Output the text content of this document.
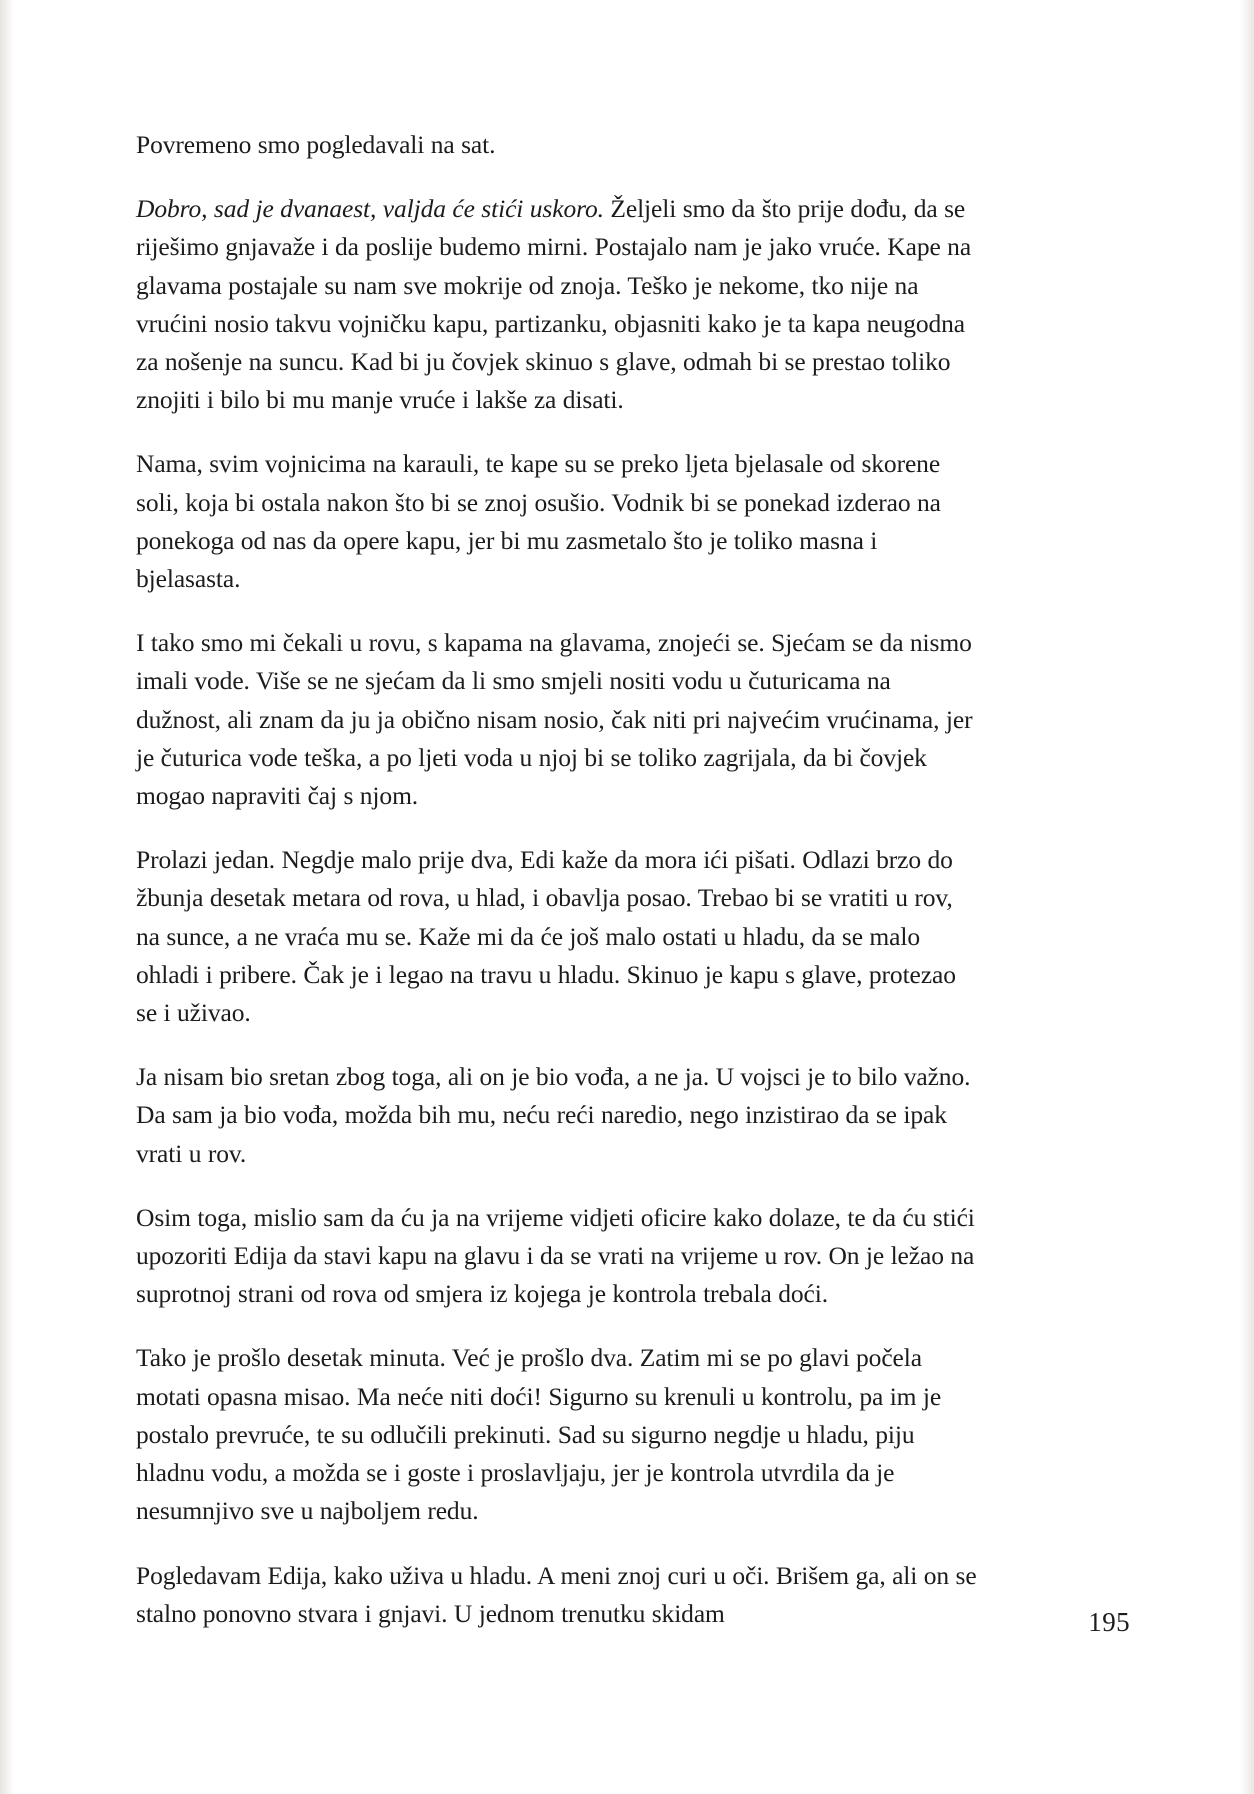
Povremeno smo pogledavali na sat.

Dobro, sad je dvanaest, valjda će stići uskoro. Željeli smo da što prije dođu, da se riješimo gnjavaže i da poslije budemo mirni. Postajalo nam je jako vruće. Kape na glavama postajale su nam sve mokrije od znoja. Teško je nekome, tko nije na vrućini nosio takvu vojničku kapu, partizanku, objasniti kako je ta kapa neugodna za nošenje na suncu. Kad bi ju čovjek skinuo s glave, odmah bi se prestao toliko znojiti i bilo bi mu manje vruće i lakše za disati.

Nama, svim vojnicima na karauli, te kape su se preko ljeta bjelasale od skorene soli, koja bi ostala nakon što bi se znoj osušio. Vodnik bi se ponekad izderao na ponekoga od nas da opere kapu, jer bi mu zasmetalo što je toliko masna i bjelasasta.

I tako smo mi čekali u rovu, s kapama na glavama, znojeći se. Sjećam se da nismo imali vode. Više se ne sjećam da li smo smjeli nositi vodu u čuturicama na dužnost, ali znam da ju ja obično nisam nosio, čak niti pri najvećim vrućinama, jer je čuturica vode teška, a po ljeti voda u njoj bi se toliko zagrijala, da bi čovjek mogao napraviti čaj s njom.

Prolazi jedan. Negdje malo prije dva, Edi kaže da mora ići pišati. Odlazi brzo do žbunja desetak metara od rova, u hlad, i obavlja posao. Trebao bi se vratiti u rov, na sunce, a ne vraća mu se. Kaže mi da će još malo ostati u hladu, da se malo ohladi i pribere. Čak je i legao na travu u hladu. Skinuo je kapu s glave, protezao se i uživao.

Ja nisam bio sretan zbog toga, ali on je bio vođa, a ne ja. U vojsci je to bilo važno. Da sam ja bio vođa, možda bih mu, neću reći naredio, nego inzistirao da se ipak vrati u rov.

Osim toga, mislio sam da ću ja na vrijeme vidjeti oficire kako dolaze, te da ću stići upozoriti Edija da stavi kapu na glavu i da se vrati na vrijeme u rov. On je ležao na suprotnoj strani od rova od smjera iz kojega je kontrola trebala doći.

Tako je prošlo desetak minuta. Već je prošlo dva. Zatim mi se po glavi počela motati opasna misao. Ma neće niti doći! Sigurno su krenuli u kontrolu, pa im je postalo prevruće, te su odlučili prekinuti. Sad su sigurno negdje u hladu, piju hladnu vodu, a možda se i goste i proslavljaju, jer je kontrola utvrdila da je nesumnjivo sve u najboljem redu.

Pogledavam Edija, kako uživa u hladu. A meni znoj curi u oči. Brišem ga, ali on se stalno ponovno stvara i gnjavi. U jednom trenutku skidam	195
